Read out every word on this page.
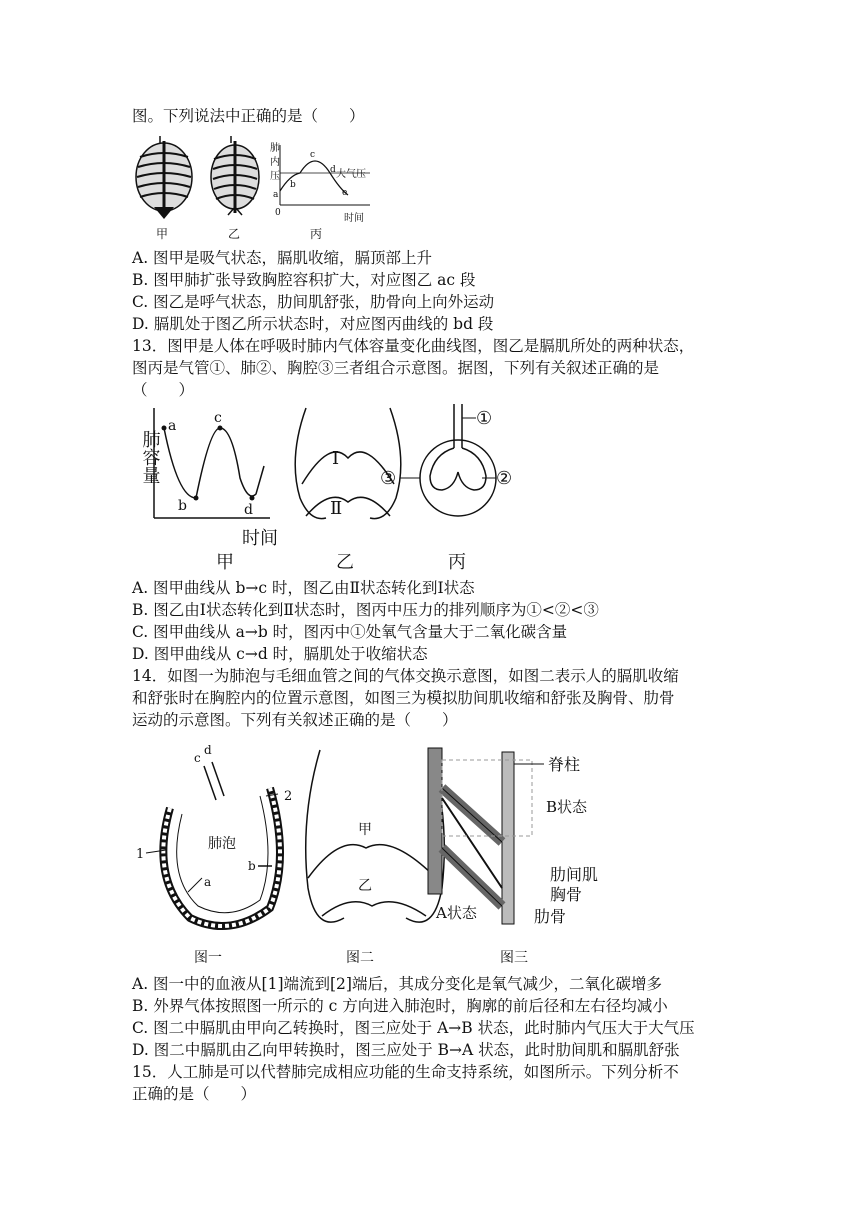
图。下列说法中正确的是（　　）
甲	乙	丙
肺
内
压
a
b
c
d
e
0
大气压
时间
A. 图甲是吸气状态，膈肌收缩，膈顶部上升
B. 图甲肺扩张导致胸腔容积扩大，对应图乙 ac 段
C. 图乙是呼气状态，肋间肌舒张，肋骨向上向外运动
D. 膈肌处于图乙所示状态时，对应图丙曲线的 bd 段
13．图甲是人体在呼吸时肺内气体容量变化曲线图，图乙是膈肌所处的两种状态，
图丙是气管①、肺②、胸腔③三者组合示意图。据图，下列有关叙述正确的是
（　　）
肺容量
a
b
c
d
时间
甲
Ⅰ
Ⅱ
乙
①
②
③
丙
A. 图甲曲线从 b→c 时，图乙由Ⅱ状态转化到Ⅰ状态
B. 图乙由Ⅰ状态转化到Ⅱ状态时，图丙中压力的排列顺序为①<②<③
C. 图甲曲线从 a→b 时，图丙中①处氧气含量大于二氧化碳含量
D. 图甲曲线从 c→d 时，膈肌处于收缩状态
14．如图一为肺泡与毛细血管之间的气体交换示意图，如图二表示人的膈肌收缩
和舒张时在胸腔内的位置示意图，如图三为模拟肋间肌收缩和舒张及胸骨、肋骨
运动的示意图。下列有关叙述正确的是（　　）
c
d
肺泡
1
2
a
b
图一
甲
乙
图二
脊柱
B状态
肋间肌
胸骨
肋骨
A状态
图三
A. 图一中的血液从[1]端流到[2]端后，其成分变化是氧气减少，二氧化碳增多
B. 外界气体按照图一所示的 c 方向进入肺泡时，胸廓的前后径和左右径均减小
C. 图二中膈肌由甲向乙转换时，图三应处于 A→B 状态，此时肺内气压大于大气压
D. 图二中膈肌由乙向甲转换时，图三应处于 B→A 状态，此时肋间肌和膈肌舒张
15．人工肺是可以代替肺完成相应功能的生命支持系统，如图所示。下列分析不
正确的是（　　）
